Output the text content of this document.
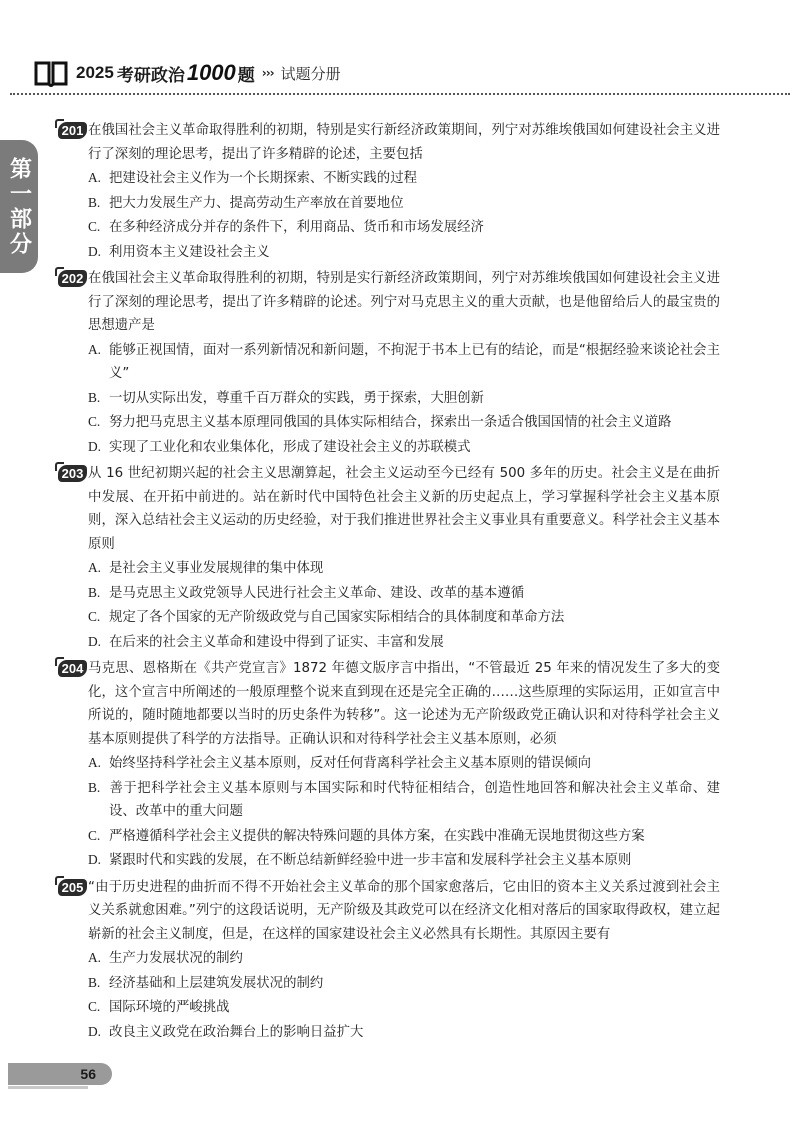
2025 考研政治 1000 题 ››› 试题分册
第一部分

201 在俄国社会主义革命取得胜利的初期，特别是实行新经济政策期间，列宁对苏维埃俄国如何建设社会主义进行了深刻的理论思考，提出了许多精辟的论述，主要包括

A. 把建设社会主义作为一个长期探索、不断实践的过程
B. 把大力发展生产力、提高劳动生产率放在首要地位
C. 在多种经济成分并存的条件下，利用商品、货币和市场发展经济
D. 利用资本主义建设社会主义

202 在俄国社会主义革命取得胜利的初期，特别是实行新经济政策期间，列宁对苏维埃俄国如何建设社会主义进行了深刻的理论思考，提出了许多精辟的论述。列宁对马克思主义的重大贡献，也是他留给后人的最宝贵的思想遗产是

A. 能够正视国情，面对一系列新情况和新问题，不拘泥于书本上已有的结论，而是“根据经验来谈论社会主义”
B. 一切从实际出发，尊重千百万群众的实践，勇于探索，大胆创新
C. 努力把马克思主义基本原理同俄国的具体实际相结合，探索出一条适合俄国国情的社会主义道路
D. 实现了工业化和农业集体化，形成了建设社会主义的苏联模式

203 从 16 世纪初期兴起的社会主义思潮算起，社会主义运动至今已经有 500 多年的历史。社会主义是在曲折中发展、在开拓中前进的。站在新时代中国特色社会主义新的历史起点上，学习掌握科学社会主义基本原则，深入总结社会主义运动的历史经验，对于我们推进世界社会主义事业具有重要意义。科学社会主义基本原则

A. 是社会主义事业发展规律的集中体现
B. 是马克思主义政党领导人民进行社会主义革命、建设、改革的基本遵循
C. 规定了各个国家的无产阶级政党与自己国家实际相结合的具体制度和革命方法
D. 在后来的社会主义革命和建设中得到了证实、丰富和发展

204 马克思、恩格斯在《共产党宣言》1872 年德文版序言中指出，“不管最近 25 年来的情况发生了多大的变化，这个宣言中所阐述的一般原理整个说来直到现在还是完全正确的……这些原理的实际运用，正如宣言中所说的，随时随地都要以当时的历史条件为转移”。这一论述为无产阶级政党正确认识和对待科学社会主义基本原则提供了科学的方法指导。正确认识和对待科学社会主义基本原则，必须

A. 始终坚持科学社会主义基本原则，反对任何背离科学社会主义基本原则的错误倾向
B. 善于把科学社会主义基本原则与本国实际和时代特征相结合，创造性地回答和解决社会主义革命、建设、改革中的重大问题
C. 严格遵循科学社会主义提供的解决特殊问题的具体方案，在实践中准确无误地贯彻这些方案
D. 紧跟时代和实践的发展，在不断总结新鲜经验中进一步丰富和发展科学社会主义基本原则

205 “由于历史进程的曲折而不得不开始社会主义革命的那个国家愈落后，它由旧的资本主义关系过渡到社会主义关系就愈困难。”列宁的这段话说明，无产阶级及其政党可以在经济文化相对落后的国家取得政权，建立起崭新的社会主义制度，但是，在这样的国家建设社会主义必然具有长期性。其原因主要有

A. 生产力发展状况的制约
B. 经济基础和上层建筑发展状况的制约
C. 国际环境的严峻挑战
D. 改良主义政党在政治舞台上的影响日益扩大
56
